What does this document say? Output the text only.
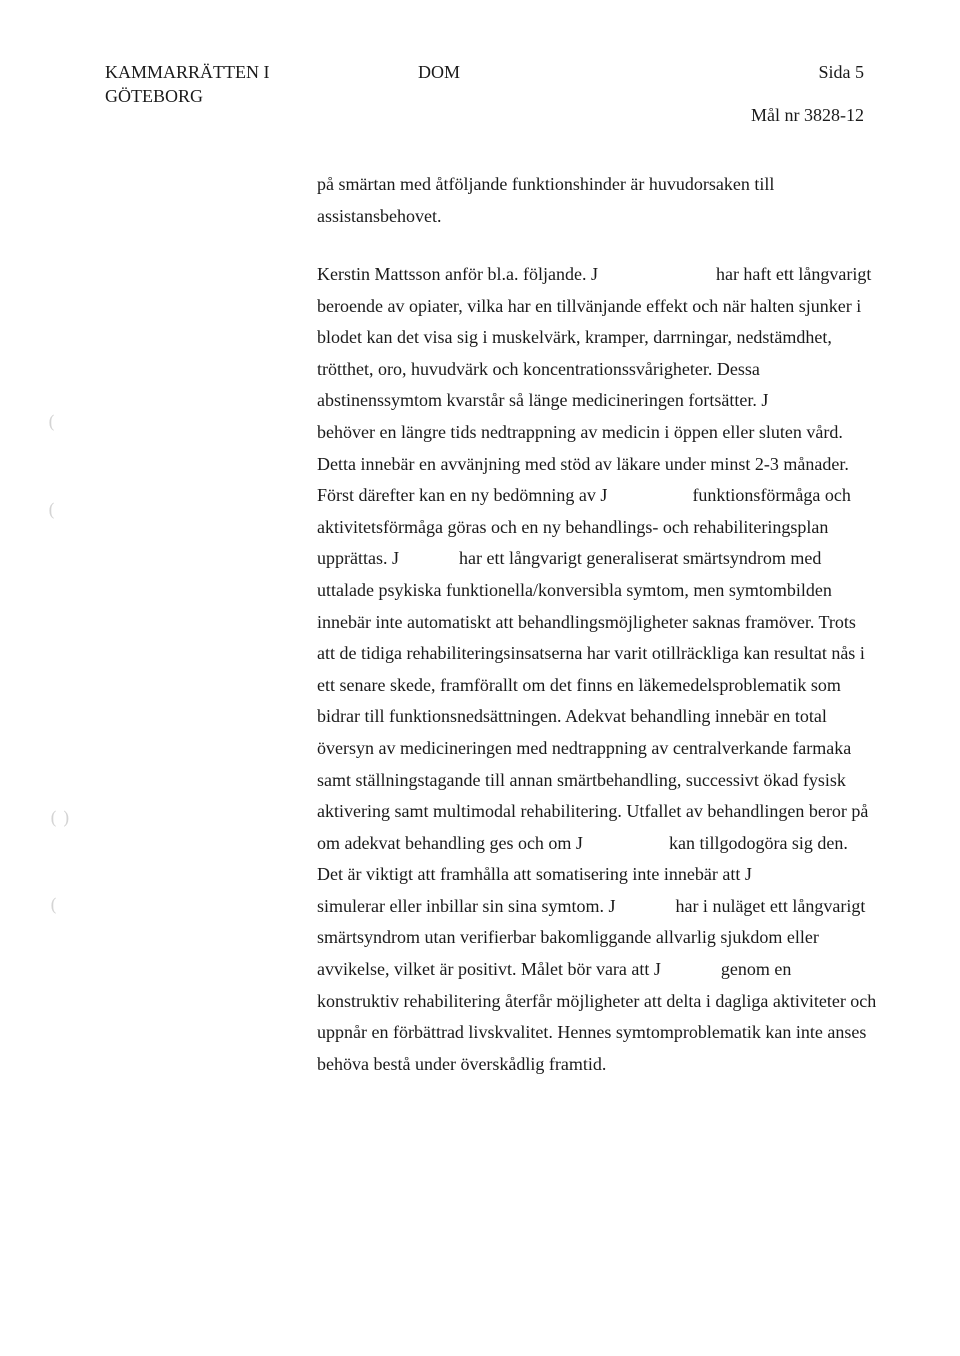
KAMMARRÄTTEN I
GÖTEBORG
DOM	Sida 5
Mål nr 3828-12

på smärtan med åtföljande funktionshinder är huvudorsaken till assistansbehovet.

Kerstin Mattsson anför bl.a. följande. J	har haft ett långvarigt beroende av opiater, vilka har en tillvänjande effekt och när halten sjunker i blodet kan det visa sig i muskelvärk, kramper, darrningar, nedstämdhet, trötthet, oro, huvudvärk och koncentrationssvårigheter. Dessa abstinenssymtom kvarstår så länge medicineringen fortsätter. Jbehöver en längre tids nedtrappning av medicin i öppen eller sluten vård. Detta innebär en avvänjning med stöd av läkare under minst 2-3 månader. Först därefter kan en ny bedömning av J	funktionsförmåga och aktivitetsförmåga göras och en ny behandlings- och rehabiliteringsplan upprättas. J	har ett långvarigt generaliserat smärtsyndrom med uttalade psykiska funktionella/konversibla symtom, men symtombilden innebär inte automatiskt att behandlingsmöjligheter saknas framöver. Trots att de tidiga rehabiliteringsinsatserna har varit otillräckliga kan resultat nås i ett senare skede, framförallt om det finns en läkemedelsproblematik som bidrar till funktionsnedsättningen. Adekvat behandling innebär en total översyn av medicineringen med nedtrappning av centralverkande farmaka samt ställningstagande till annan smärtbehandling, successivt ökad fysisk aktivering samt multimodal rehabilitering. Utfallet av behandlingen beror på om adekvat behandling ges och om J	kan tillgodogöra sig den. Det är viktigt att framhålla att somatisering inte innebär att Jsimulerar eller inbillar sin sina symtom. J	har i nuläget ett långvarigt smärtsyndrom utan verifierbar bakomliggande allvarlig sjukdom eller avvikelse, vilket är positivt. Målet bör vara att J	genom en konstruktiv rehabilitering återfår möjligheter att delta i dagliga aktiviteter och uppnår en förbättrad livskvalitet. Hennes symtomproblematik kan inte anses behöva bestå under överskådlig framtid.

(
(
( )
(
